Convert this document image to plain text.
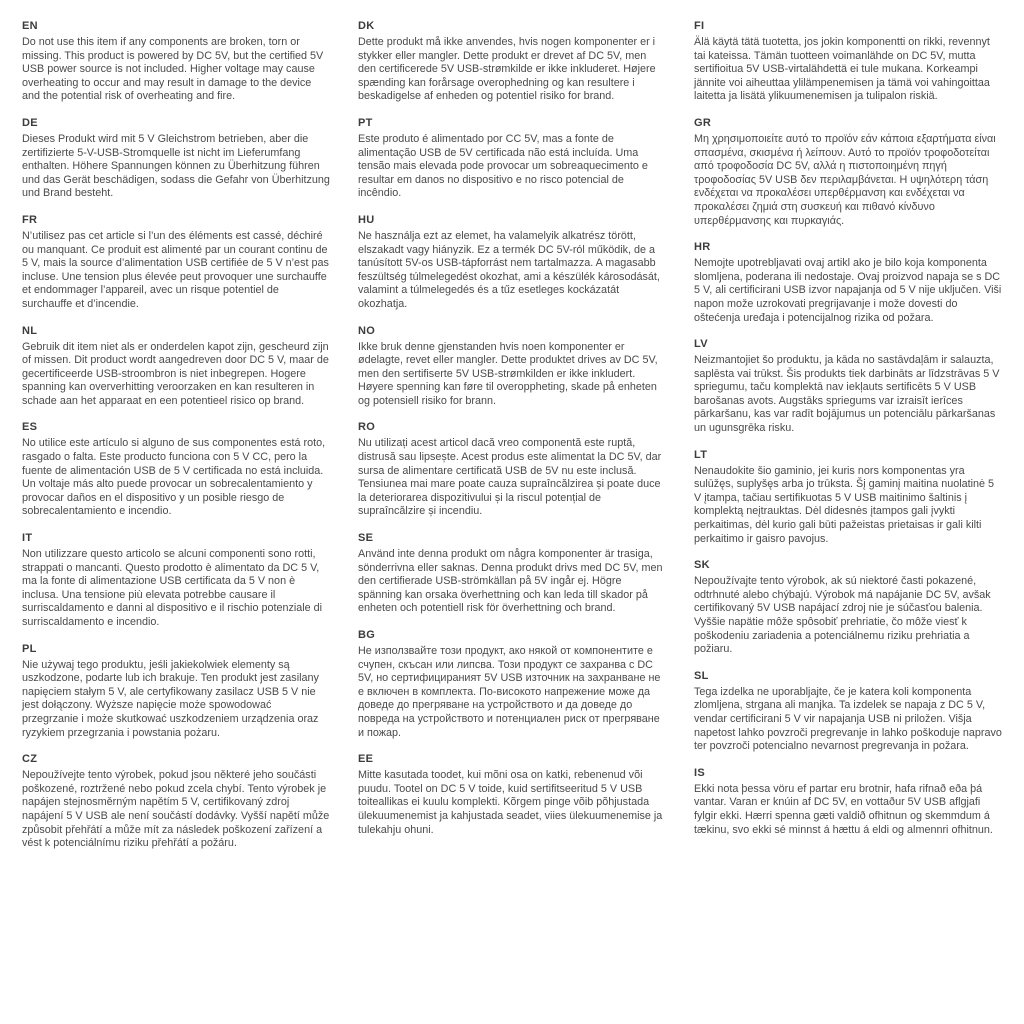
EN

Do not use this item if any components are broken, torn or missing. This product is powered by DC 5V, but the certified 5V USB power source is not included. Higher voltage may cause overheating to occur and may result in damage to the device and the potential risk of overheating and fire.

DE

Dieses Produkt wird mit 5 V Gleichstrom betrieben, aber die zertifizierte 5-V-USB-Stromquelle ist nicht im Lieferumfang enthalten. Höhere Spannungen können zu Überhitzung führen und das Gerät beschädigen, sodass die Gefahr von Überhitzung und Brand besteht.

FR

N’utilisez pas cet article si l’un des éléments est cassé, déchiré ou manquant. Ce produit est alimenté par un courant continu de 5 V, mais la source d’alimentation USB certifiée de 5 V n’est pas incluse. Une tension plus élevée peut provoquer une surchauffe et endommager l’appareil, avec un risque potentiel de surchauffe et d’incendie.

NL

Gebruik dit item niet als er onderdelen kapot zijn, gescheurd zijn of missen. Dit product wordt aangedreven door DC 5 V, maar de gecertificeerde USB-stroombron is niet inbegrepen. Hogere spanning kan oververhitting veroorzaken en kan resulteren in schade aan het apparaat en een potentieel risico op brand.

ES

No utilice este artículo si alguno de sus componentes está roto, rasgado o falta. Este producto funciona con 5 V CC, pero la fuente de alimentación USB de 5 V certificada no está incluida. Un voltaje más alto puede provocar un sobrecalentamiento y provocar daños en el dispositivo y un posible riesgo de sobrecalentamiento e incendio.

IT

Non utilizzare questo articolo se alcuni componenti sono rotti, strappati o mancanti. Questo prodotto è alimentato da DC 5 V, ma la fonte di alimentazione USB certificata da 5 V non è inclusa. Una tensione più elevata potrebbe causare il surriscaldamento e danni al dispositivo e il rischio potenziale di surriscaldamento e incendio.

PL

Nie używaj tego produktu, jeśli jakiekolwiek elementy są uszkodzone, podarte lub ich brakuje. Ten produkt jest zasilany napięciem stałym 5 V, ale certyfikowany zasilacz USB 5 V nie jest dołączony. Wyższe napięcie może spowodować przegrzanie i może skutkować uszkodzeniem urządzenia oraz ryzykiem przegrzania i powstania pożaru.

CZ

Nepoužívejte tento výrobek, pokud jsou některé jeho součásti poškozené, roztržené nebo pokud zcela chybí. Tento výrobek je napájen stejnosměrným napětím 5 V, certifikovaný zdroj napájení 5 V USB ale není součástí dodávky. Vyšší napětí může způsobit přehřátí a může mít za následek poškození zařízení a vést k potenciálnímu riziku přehřátí a požáru.

DK

Dette produkt må ikke anvendes, hvis nogen komponenter er i stykker eller mangler. Dette produkt er drevet af DC 5V, men den certificerede 5V USB-strømkilde er ikke inkluderet. Højere spænding kan forårsage overophedning og kan resultere i beskadigelse af enheden og potentiel risiko for brand.

PT

Este produto é alimentado por CC 5V, mas a fonte de alimentação USB de 5V certificada não está incluída. Uma tensão mais elevada pode provocar um sobreaquecimento e resultar em danos no dispositivo e no risco potencial de incêndio.

HU

Ne használja ezt az elemet, ha valamelyik alkatrész törött, elszakadt vagy hiányzik. Ez a termék DC 5V-ról működik, de a tanúsított 5V-os USB-tápforrást nem tartalmazza. A magasabb feszültség túlmelegedést okozhat, ami a készülék károsodását, valamint a túlmelegedés és a tűz esetleges kockázatát okozhatja.

NO

Ikke bruk denne gjenstanden hvis noen komponenter er ødelagte, revet eller mangler. Dette produktet drives av DC 5V, men den sertifiserte 5V USB-strømkilden er ikke inkludert. Høyere spenning kan føre til overoppheting, skade på enheten og potensiell risiko for brann.

RO

Nu utilizați acest articol dacă vreo componentă este ruptă, distrusă sau lipsește. Acest produs este alimentat la DC 5V, dar sursa de alimentare certificată USB de 5V nu este inclusă. Tensiunea mai mare poate cauza supraîncălzirea și poate duce la deteriorarea dispozitivului și la riscul potențial de supraîncălzire și incendiu.

SE

Använd inte denna produkt om några komponenter är trasiga, sönderrivna eller saknas. Denna produkt drivs med DC 5V, men den certifierade USB-strömkällan på 5V ingår ej. Högre spänning kan orsaka överhettning och kan leda till skador på enheten och potentiell risk för överhettning och brand.

BG

Не използвайте този продукт, ако някой от компонентите е счупен, скъсан или липсва. Този продукт се захранва с DC 5V, но сертифицираният 5V USB източник на захранване не е включен в комплекта. По-високото напрежение може да доведе до прегряване на устройството и да доведе до повреда на устройството и потенциален риск от прегряване и пожар.

EE

Mitte kasutada toodet, kui mõni osa on katki, rebenenud või puudu. Tootel on DC 5 V toide, kuid sertifitseeritud 5 V USB toiteallikas ei kuulu komplekti. Kõrgem pinge võib põhjustada ülekuumenemist ja kahjustada seadet, viies ülekuumenemise ja tulekahju ohuni.

FI

Älä käytä tätä tuotetta, jos jokin komponentti on rikki, revennyt tai kateissa. Tämän tuotteen voimanlähde on DC 5V, mutta sertifioitua 5V USB-virtalähdettä ei tule mukana. Korkeampi jännite voi aiheuttaa ylilämpenemisen ja tämä voi vahingoittaa laitetta ja lisätä ylikuumenemisen ja tulipalon riskiä.

GR

Μη χρησιμοποιείτε αυτό το προϊόν εάν κάποια εξαρτήματα είναι σπασμένα, σκισμένα ή λείπουν. Αυτό το προϊόν τροφοδοτείται από τροφοδοσία DC 5V, αλλά η πιστοποιημένη πηγή τροφοδοσίας 5V USB δεν περιλαμβάνεται. Η υψηλότερη τάση ενδέχεται να προκαλέσει υπερθέρμανση και ενδέχεται να προκαλέσει ζημιά στη συσκευή και πιθανό κίνδυνο υπερθέρμανσης και πυρκαγιάς.

HR

Nemojte upotrebljavati ovaj artikl ako je bilo koja komponenta slomljena, poderana ili nedostaje. Ovaj proizvod napaja se s DC 5 V, ali certificirani USB izvor napajanja od 5 V nije uključen. Viši napon može uzrokovati pregrijavanje i može dovesti do oštećenja uređaja i potencijalnog rizika od požara.

LV

Neizmantojiet šo produktu, ja kāda no sastāvdaļām ir salauzta, saplēsta vai trūkst. Šis produkts tiek darbināts ar līdzstrāvas 5 V spriegumu, taču komplektā nav iekļauts sertificēts 5 V USB barošanas avots. Augstāks spriegums var izraisīt ierīces pārkaršanu, kas var radīt bojājumus un potenciālu pārkaršanas un ugunsgrēka risku.

LT

Nenaudokite šio gaminio, jei kuris nors komponentas yra sulūžęs, suplyšęs arba jo trūksta. Šį gaminį maitina nuolatinė 5 V įtampa, tačiau sertifikuotas 5 V USB maitinimo šaltinis į komplektą neįtrauktas. Dėl didesnės įtampos gali įvykti perkaitimas, dėl kurio gali būti pažeistas prietaisas ir gali kilti perkaitimo ir gaisro pavojus.

SK

Nepoužívajte tento výrobok, ak sú niektoré časti pokazené, odtrhnuté alebo chýbajú. Výrobok má napájanie DC 5V, avšak certifikovaný 5V USB napájací zdroj nie je súčasťou balenia. Vyššie napätie môže spôsobiť prehriatie, čo môže viesť k poškodeniu zariadenia a potenciálnemu riziku prehriatia a požiaru.

SL

Tega izdelka ne uporabljajte, če je katera koli komponenta zlomljena, strgana ali manjka. Ta izdelek se napaja z DC 5 V, vendar certificirani 5 V vir napajanja USB ni priložen. Višja napetost lahko povzroči pregrevanje in lahko poškoduje napravo ter povzroči potencialno nevarnost pregrevanja in požara.

IS

Ekki nota þessa vöru ef partar eru brotnir, hafa rifnað eða þá vantar. Varan er knúin af DC 5V, en vottaður 5V USB aflgjafi fylgir ekki. Hærri spenna gæti valdið ofhitnun og skemmdum á tækinu, svo ekki sé minnst á hættu á eldi og almennri ofhitnun.
